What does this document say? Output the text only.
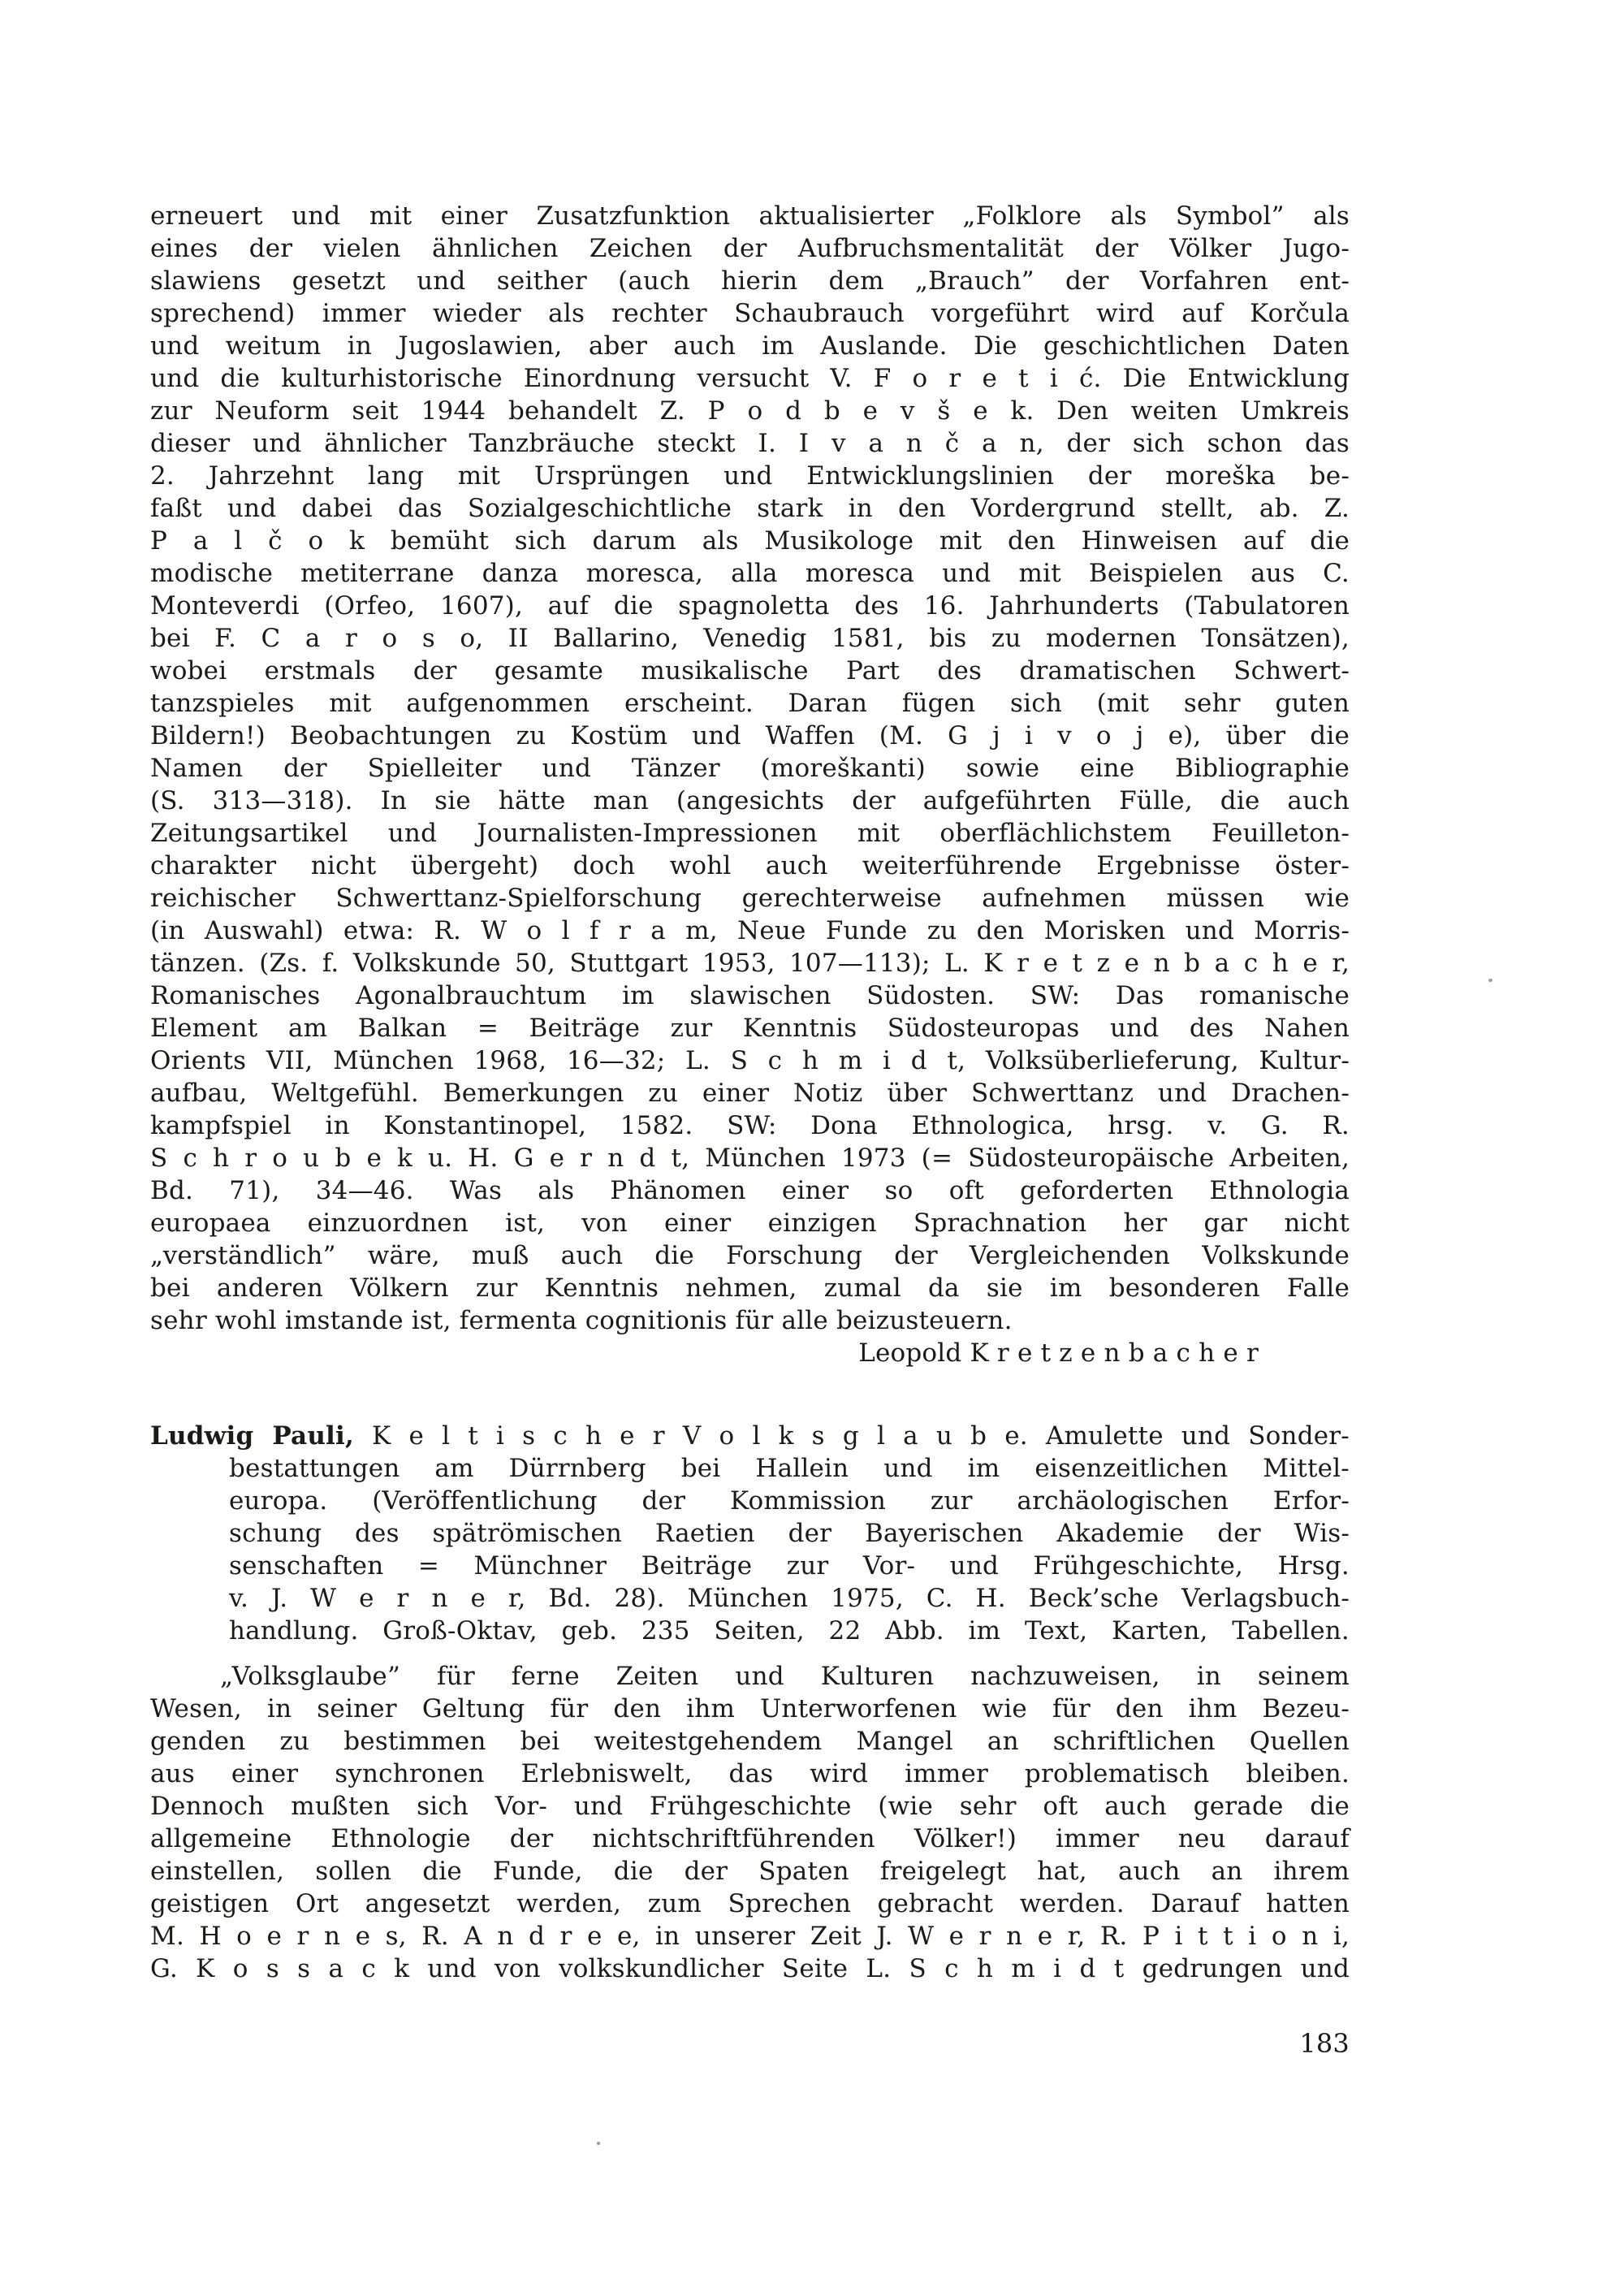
erneuert und mit einer Zusatzfunktion aktualisierter „Folklore als Symbol” als
eines der vielen ähnlichen Zeichen der Aufbruchsmentalität der Völker Jugo-
slawiens gesetzt und seither (auch hierin dem „Brauch” der Vorfahren ent-
sprechend) immer wieder als rechter Schaubrauch vorgeführt wird auf Korčula
und weitum in Jugoslawien, aber auch im Auslande. Die geschichtlichen Daten
und die kulturhistorische Einordnung versucht V. F o r e t i ć. Die Entwicklung
zur Neuform seit 1944 behandelt Z. P o d b e v š e k. Den weiten Umkreis
dieser und ähnlicher Tanzbräuche steckt I. I v a n č a n, der sich schon das
2. Jahrzehnt lang mit Ursprüngen und Entwicklungslinien der moreška be-
faßt und dabei das Sozialgeschichtliche stark in den Vordergrund stellt, ab. Z.
P a l č o k bemüht sich darum als Musikologe mit den Hinweisen auf die
modische metiterrane danza moresca, alla moresca und mit Beispielen aus C.
Monteverdi (Orfeo, 1607), auf die spagnoletta des 16. Jahrhunderts (Tabulatoren
bei F. C a r o s o, II Ballarino, Venedig 1581, bis zu modernen Tonsätzen),
wobei erstmals der gesamte musikalische Part des dramatischen Schwert-
tanzspieles mit aufgenommen erscheint. Daran fügen sich (mit sehr guten
Bildern!) Beobachtungen zu Kostüm und Waffen (M. G j i v o j e), über die
Namen der Spielleiter und Tänzer (moreškanti) sowie eine Bibliographie
(S. 313—318). In sie hätte man (angesichts der aufgeführten Fülle, die auch
Zeitungsartikel und Journalisten-Impressionen mit oberflächlichstem Feuilleton-
charakter nicht übergeht) doch wohl auch weiterführende Ergebnisse öster-
reichischer Schwerttanz-Spielforschung gerechterweise aufnehmen müssen wie
(in Auswahl) etwa: R. W o l f r a m, Neue Funde zu den Morisken und Morris-
tänzen. (Zs. f. Volkskunde 50, Stuttgart 1953, 107—113); L. K r e t z e n b a c h e r,
Romanisches Agonalbrauchtum im slawischen Südosten. SW: Das romanische
Element am Balkan = Beiträge zur Kenntnis Südosteuropas und des Nahen
Orients VII, München 1968, 16—32; L. S c h m i d t, Volksüberlieferung, Kultur-
aufbau, Weltgefühl. Bemerkungen zu einer Notiz über Schwerttanz und Drachen-
kampfspiel in Konstantinopel, 1582. SW: Dona Ethnologica, hrsg. v. G. R.
S c h r o u b e k u. H. G e r n d t, München 1973 (= Südosteuropäische Arbeiten,
Bd. 71), 34—46. Was als Phänomen einer so oft geforderten Ethnologia
europaea einzuordnen ist, von einer einzigen Sprachnation her gar nicht
„verständlich” wäre, muß auch die Forschung der Vergleichenden Volkskunde
bei anderen Völkern zur Kenntnis nehmen, zumal da sie im besonderen Falle
sehr wohl imstande ist, fermenta cognitionis für alle beizusteuern.
Leopold K r e t z e n b a c h e r
Ludwig Pauli, K e l t i s c h e r V o l k s g l a u b e. Amulette und Sonder-
bestattungen am Dürrnberg bei Hallein und im eisenzeitlichen Mittel-
europa. (Veröffentlichung der Kommission zur archäologischen Erfor-
schung des spätrömischen Raetien der Bayerischen Akademie der Wis-
senschaften = Münchner Beiträge zur Vor- und Frühgeschichte, Hrsg.
v. J. W e r n e r, Bd. 28). München 1975, C. H. Beck’sche Verlagsbuch-
handlung. Groß-Oktav, geb. 235 Seiten, 22 Abb. im Text, Karten, Tabellen.
„Volksglaube” für ferne Zeiten und Kulturen nachzuweisen, in seinem
Wesen, in seiner Geltung für den ihm Unterworfenen wie für den ihm Bezeu-
genden zu bestimmen bei weitestgehendem Mangel an schriftlichen Quellen
aus einer synchronen Erlebniswelt, das wird immer problematisch bleiben.
Dennoch mußten sich Vor- und Frühgeschichte (wie sehr oft auch gerade die
allgemeine Ethnologie der nichtschriftführenden Völker!) immer neu darauf
einstellen, sollen die Funde, die der Spaten freigelegt hat, auch an ihrem
geistigen Ort angesetzt werden, zum Sprechen gebracht werden. Darauf hatten
M. H o e r n e s, R. A n d r e e, in unserer Zeit J. W e r n e r, R. P i t t i o n i,
G. K o s s a c k und von volkskundlicher Seite L. S c h m i d t gedrungen und
183
